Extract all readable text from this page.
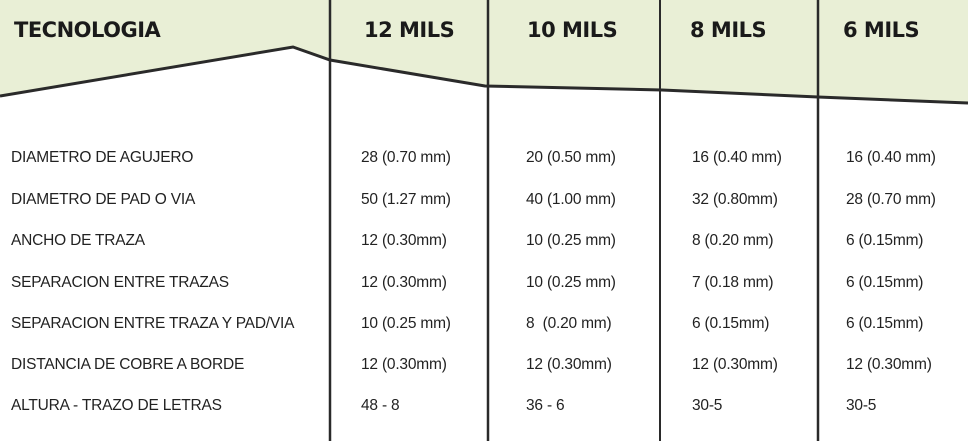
TECNOLOGIA	12 MILS	10 MILS	8 MILS	6 MILS
DIAMETRO DE AGUJERO	28 (0.70 mm)	20 (0.50 mm)	16 (0.40 mm)	16 (0.40 mm)
DIAMETRO DE PAD O VIA	50 (1.27 mm)	40 (1.00 mm)	32 (0.80mm)	28 (0.70 mm)
ANCHO DE TRAZA	12 (0.30mm)	10 (0.25 mm)	8 (0.20 mm)	6 (0.15mm)
SEPARACION ENTRE TRAZAS	12 (0.30mm)	10 (0.25 mm)	7 (0.18 mm)	6 (0.15mm)
SEPARACION ENTRE TRAZA Y PAD/VIA	10 (0.25 mm)	8  (0.20 mm)	6 (0.15mm)	6 (0.15mm)
DISTANCIA DE COBRE A BORDE	12 (0.30mm)	12 (0.30mm)	12 (0.30mm)	12 (0.30mm)
ALTURA - TRAZO DE LETRAS	48 - 8	36 - 6	30-5	30-5
